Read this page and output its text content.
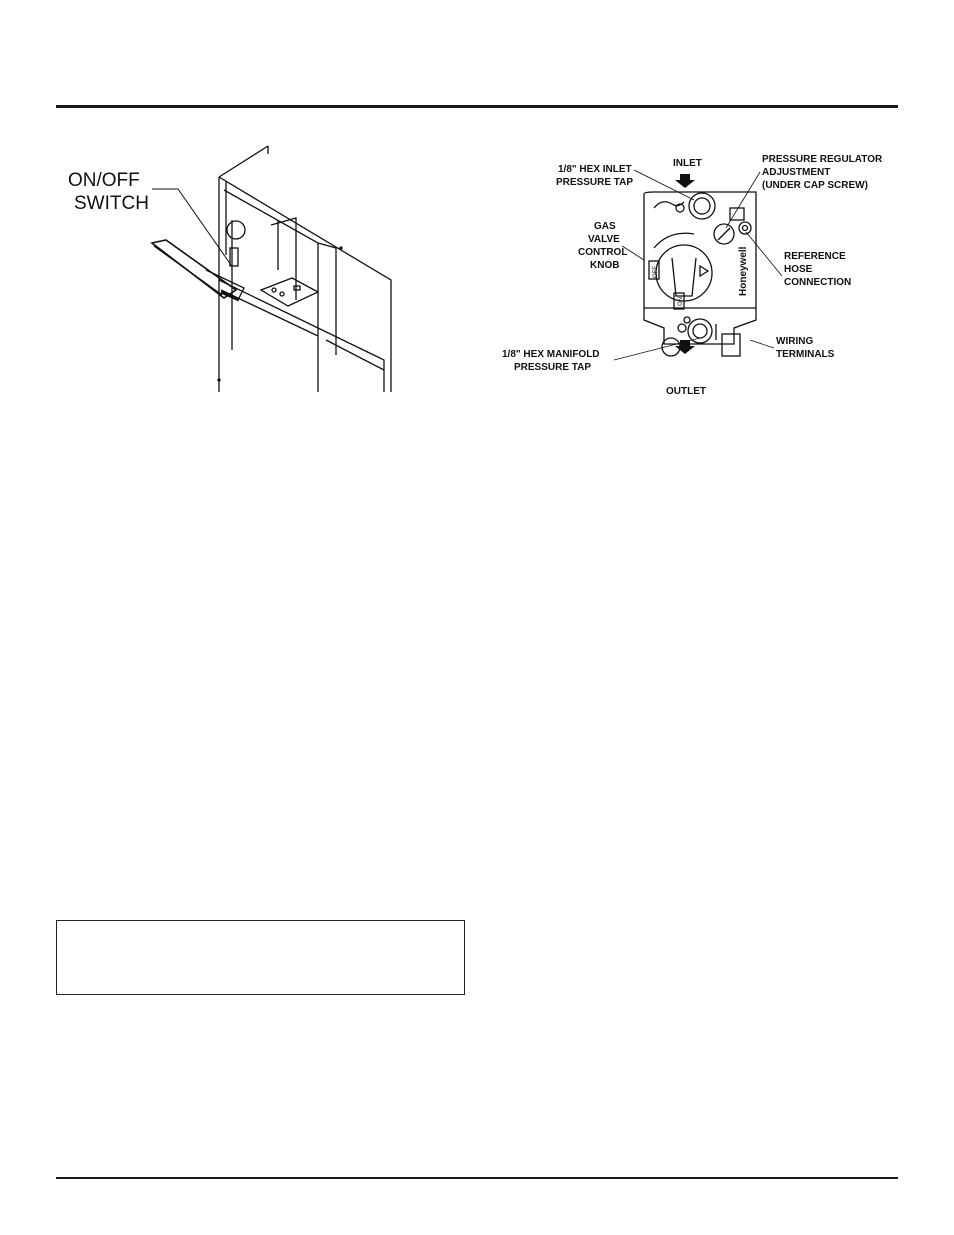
ON/OFF
SWITCH
INLET
1/8" HEX INLET
PRESSURE TAP
PRESSURE REGULATOR
ADJUSTMENT
(UNDER CAP SCREW)
GAS
VALVE
CONTROL
KNOB
REFERENCE
HOSE
CONNECTION
1/8" HEX MANIFOLD
PRESSURE TAP
WIRING
TERMINALS
OUTLET
Honeywell
OFF
ON
